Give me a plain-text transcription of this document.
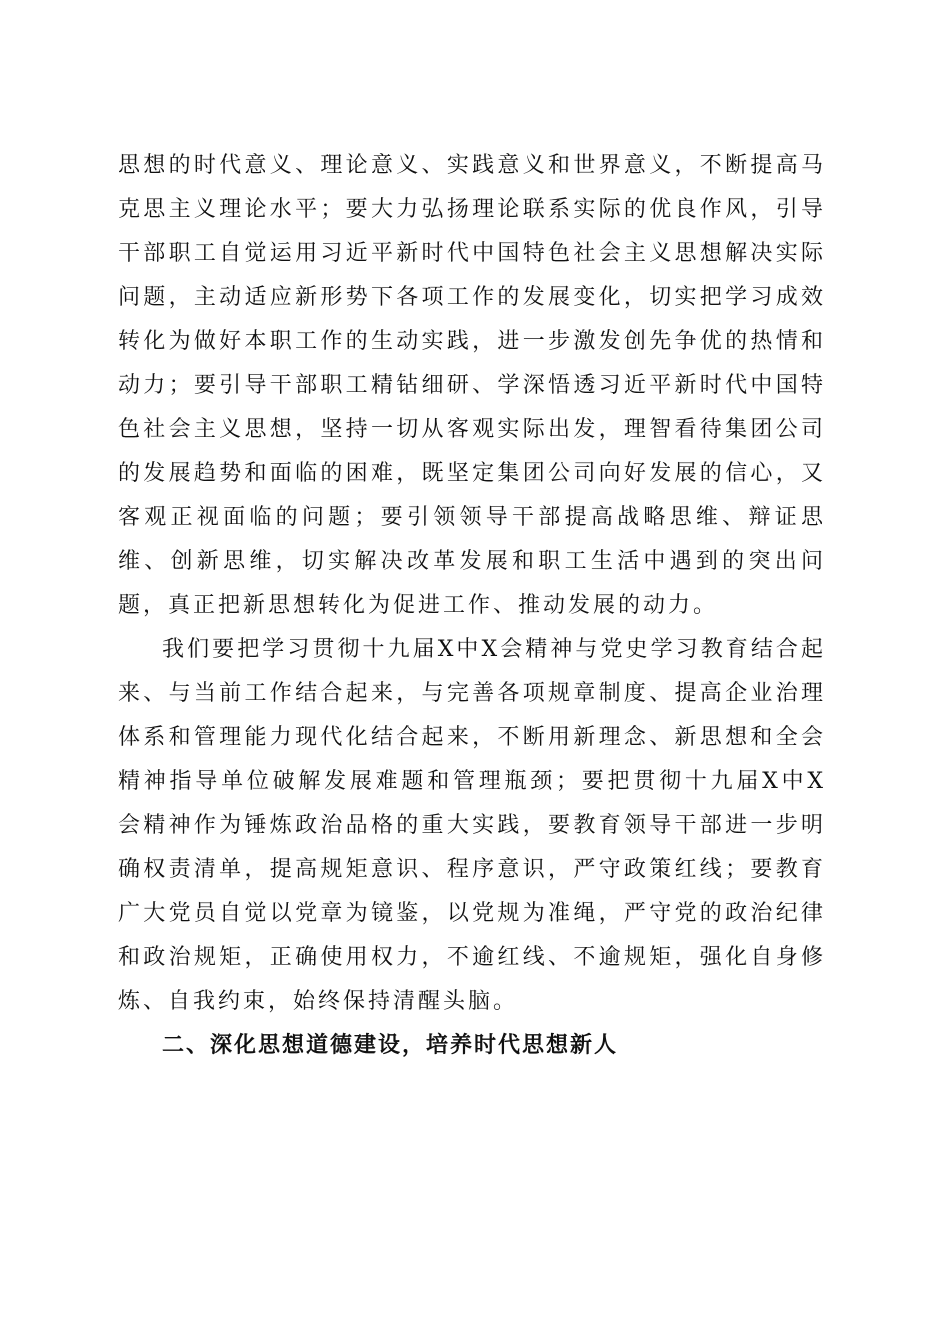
思想的时代意义、理论意义、实践意义和世界意义，不断提高马克思主义理论水平；要大力弘扬理论联系实际的优良作风，引导干部职工自觉运用习近平新时代中国特色社会主义思想解决实际问题，主动适应新形势下各项工作的发展变化，切实把学习成效转化为做好本职工作的生动实践，进一步激发创先争优的热情和动力；要引导干部职工精钻细研、学深悟透习近平新时代中国特色社会主义思想，坚持一切从客观实际出发，理智看待集团公司的发展趋势和面临的困难，既坚定集团公司向好发展的信心，又客观正视面临的问题；要引领领导干部提高战略思维、辩证思维、创新思维，切实解决改革发展和职工生活中遇到的突出问题，真正把新思想转化为促进工作、推动发展的动力。

我们要把学习贯彻十九届X中X会精神与党史学习教育结合起来、与当前工作结合起来，与完善各项规章制度、提高企业治理体系和管理能力现代化结合起来，不断用新理念、新思想和全会精神指导单位破解发展难题和管理瓶颈；要把贯彻十九届X中X会精神作为锤炼政治品格的重大实践，要教育领导干部进一步明确权责清单，提高规矩意识、程序意识，严守政策红线；要教育广大党员自觉以党章为镜鉴，以党规为准绳，严守党的政治纪律和政治规矩，正确使用权力，不逾红线、不逾规矩，强化自身修炼、自我约束，始终保持清醒头脑。

二、深化思想道德建设，培养时代思想新人
